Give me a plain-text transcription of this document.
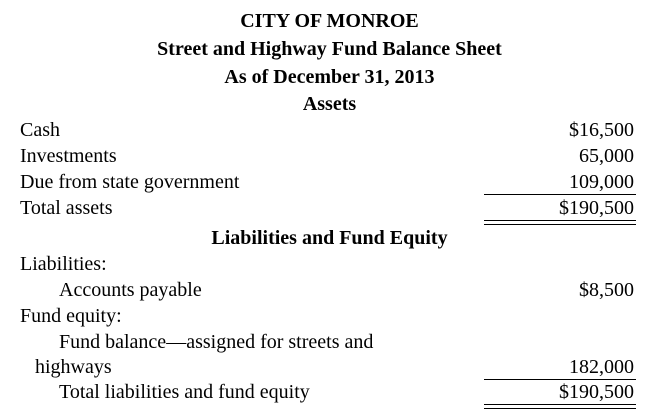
CITY OF MONROE
Street and Highway Fund Balance Sheet
As of December 31, 2013
Assets
Cash	$16,500
Investments	65,000
Due from state government	109,000
Total assets	$190,500
Liabilities and Fund Equity
Liabilities:
Accounts payable	$8,500
Fund equity:
Fund balance—assigned for streets and
highways	182,000
Total liabilities and fund equity	$190,500
